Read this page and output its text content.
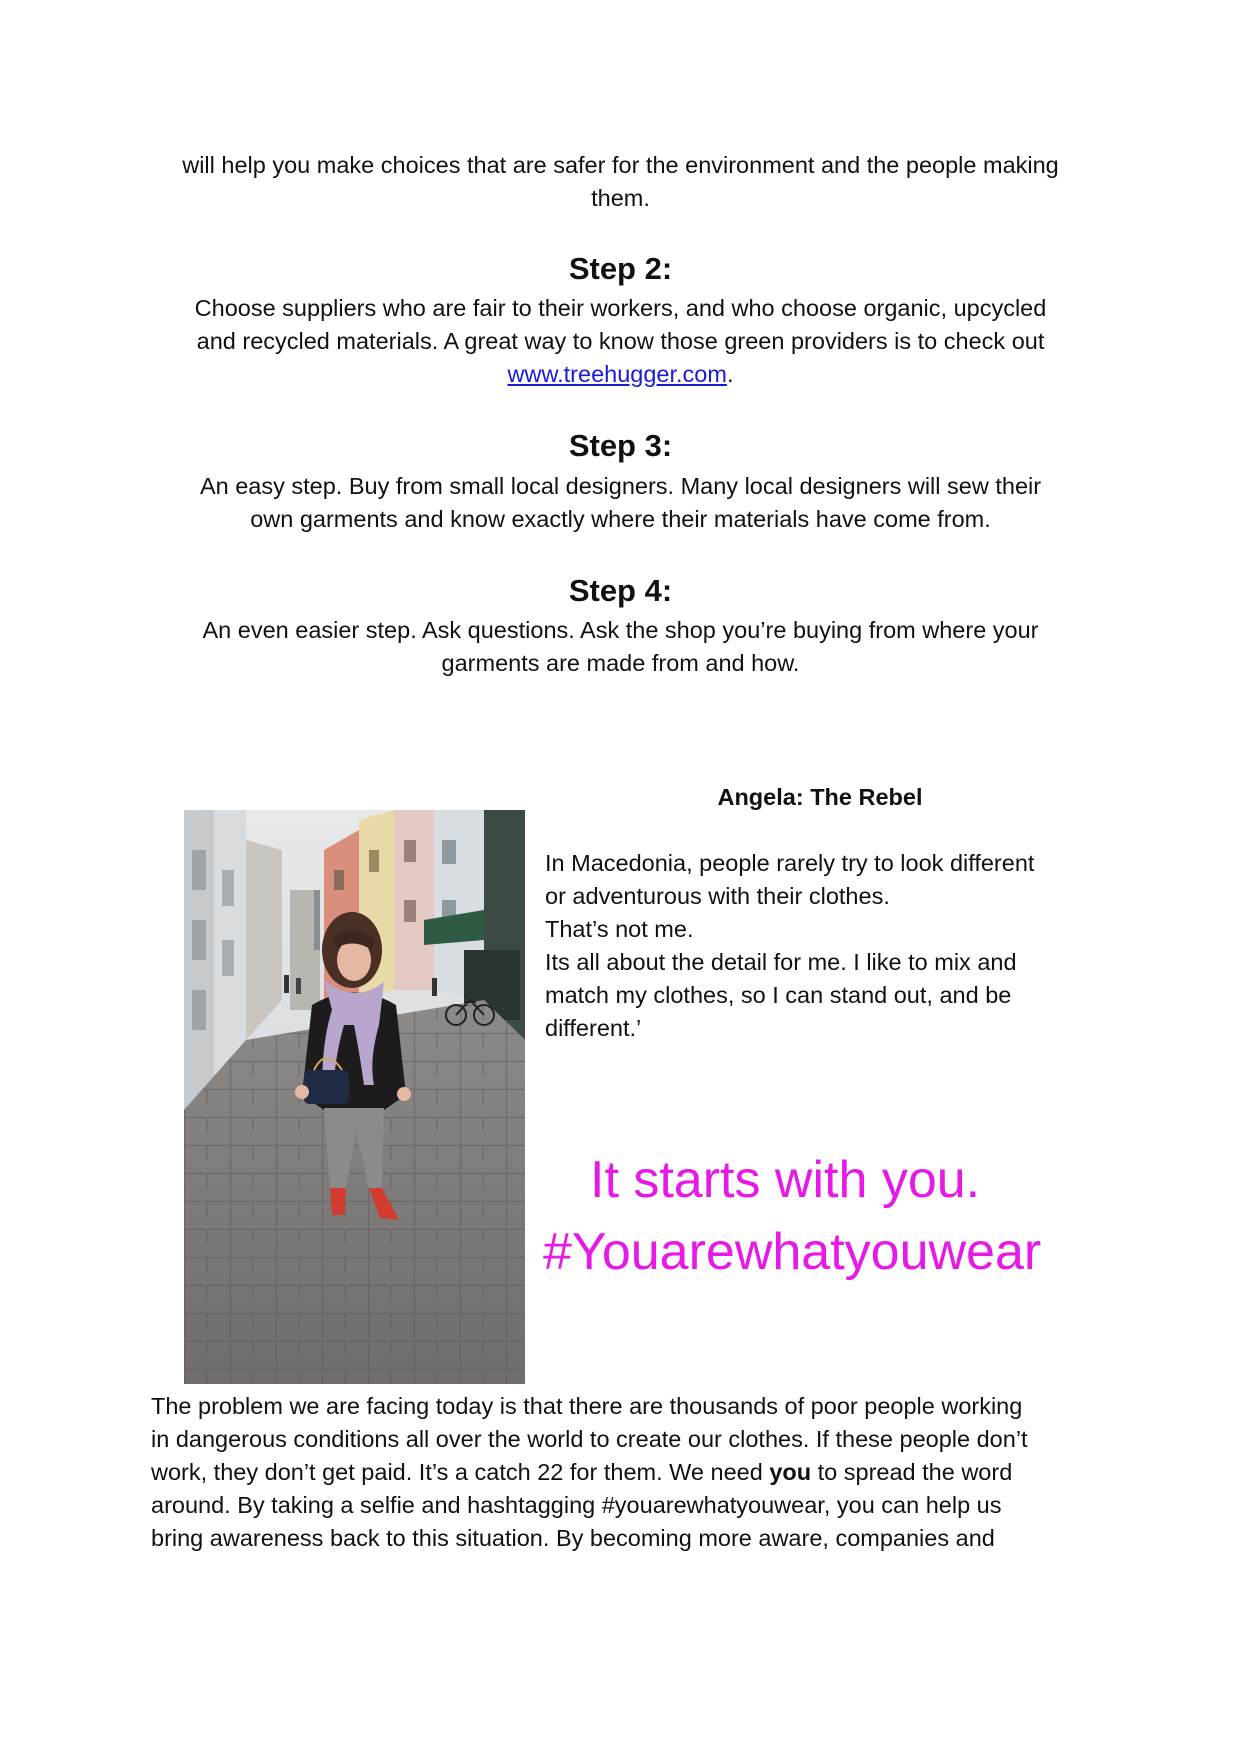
will help you make choices that are safer for the environment and the people making
them.
Step 2:
Choose suppliers who are fair to their workers, and who choose organic, upcycled
and recycled materials. A great way to know those green providers is to check out
www.treehugger.com.
Step 3:
An easy step. Buy from small local designers. Many local designers will sew their
own garments and know exactly where their materials have come from.
Step 4:
An even easier step. Ask questions. Ask the shop you’re buying from where your
garments are made from and how.
Angela: The Rebel
In Macedonia, people rarely try to look different
or adventurous with their clothes.
That’s not me.
Its all about the detail for me. I like to mix and
match my clothes, so I can stand out, and be
different.’
It starts with you.
#Youarewhatyouwear
The problem we are facing today is that there are thousands of poor people working
in dangerous conditions all over the world to create our clothes. If these people don’t
work, they don’t get paid. It’s a catch 22 for them. We need you to spread the word
around. By taking a selfie and hashtagging #youarewhatyouwear, you can help us
bring awareness back to this situation. By becoming more aware, companies and
